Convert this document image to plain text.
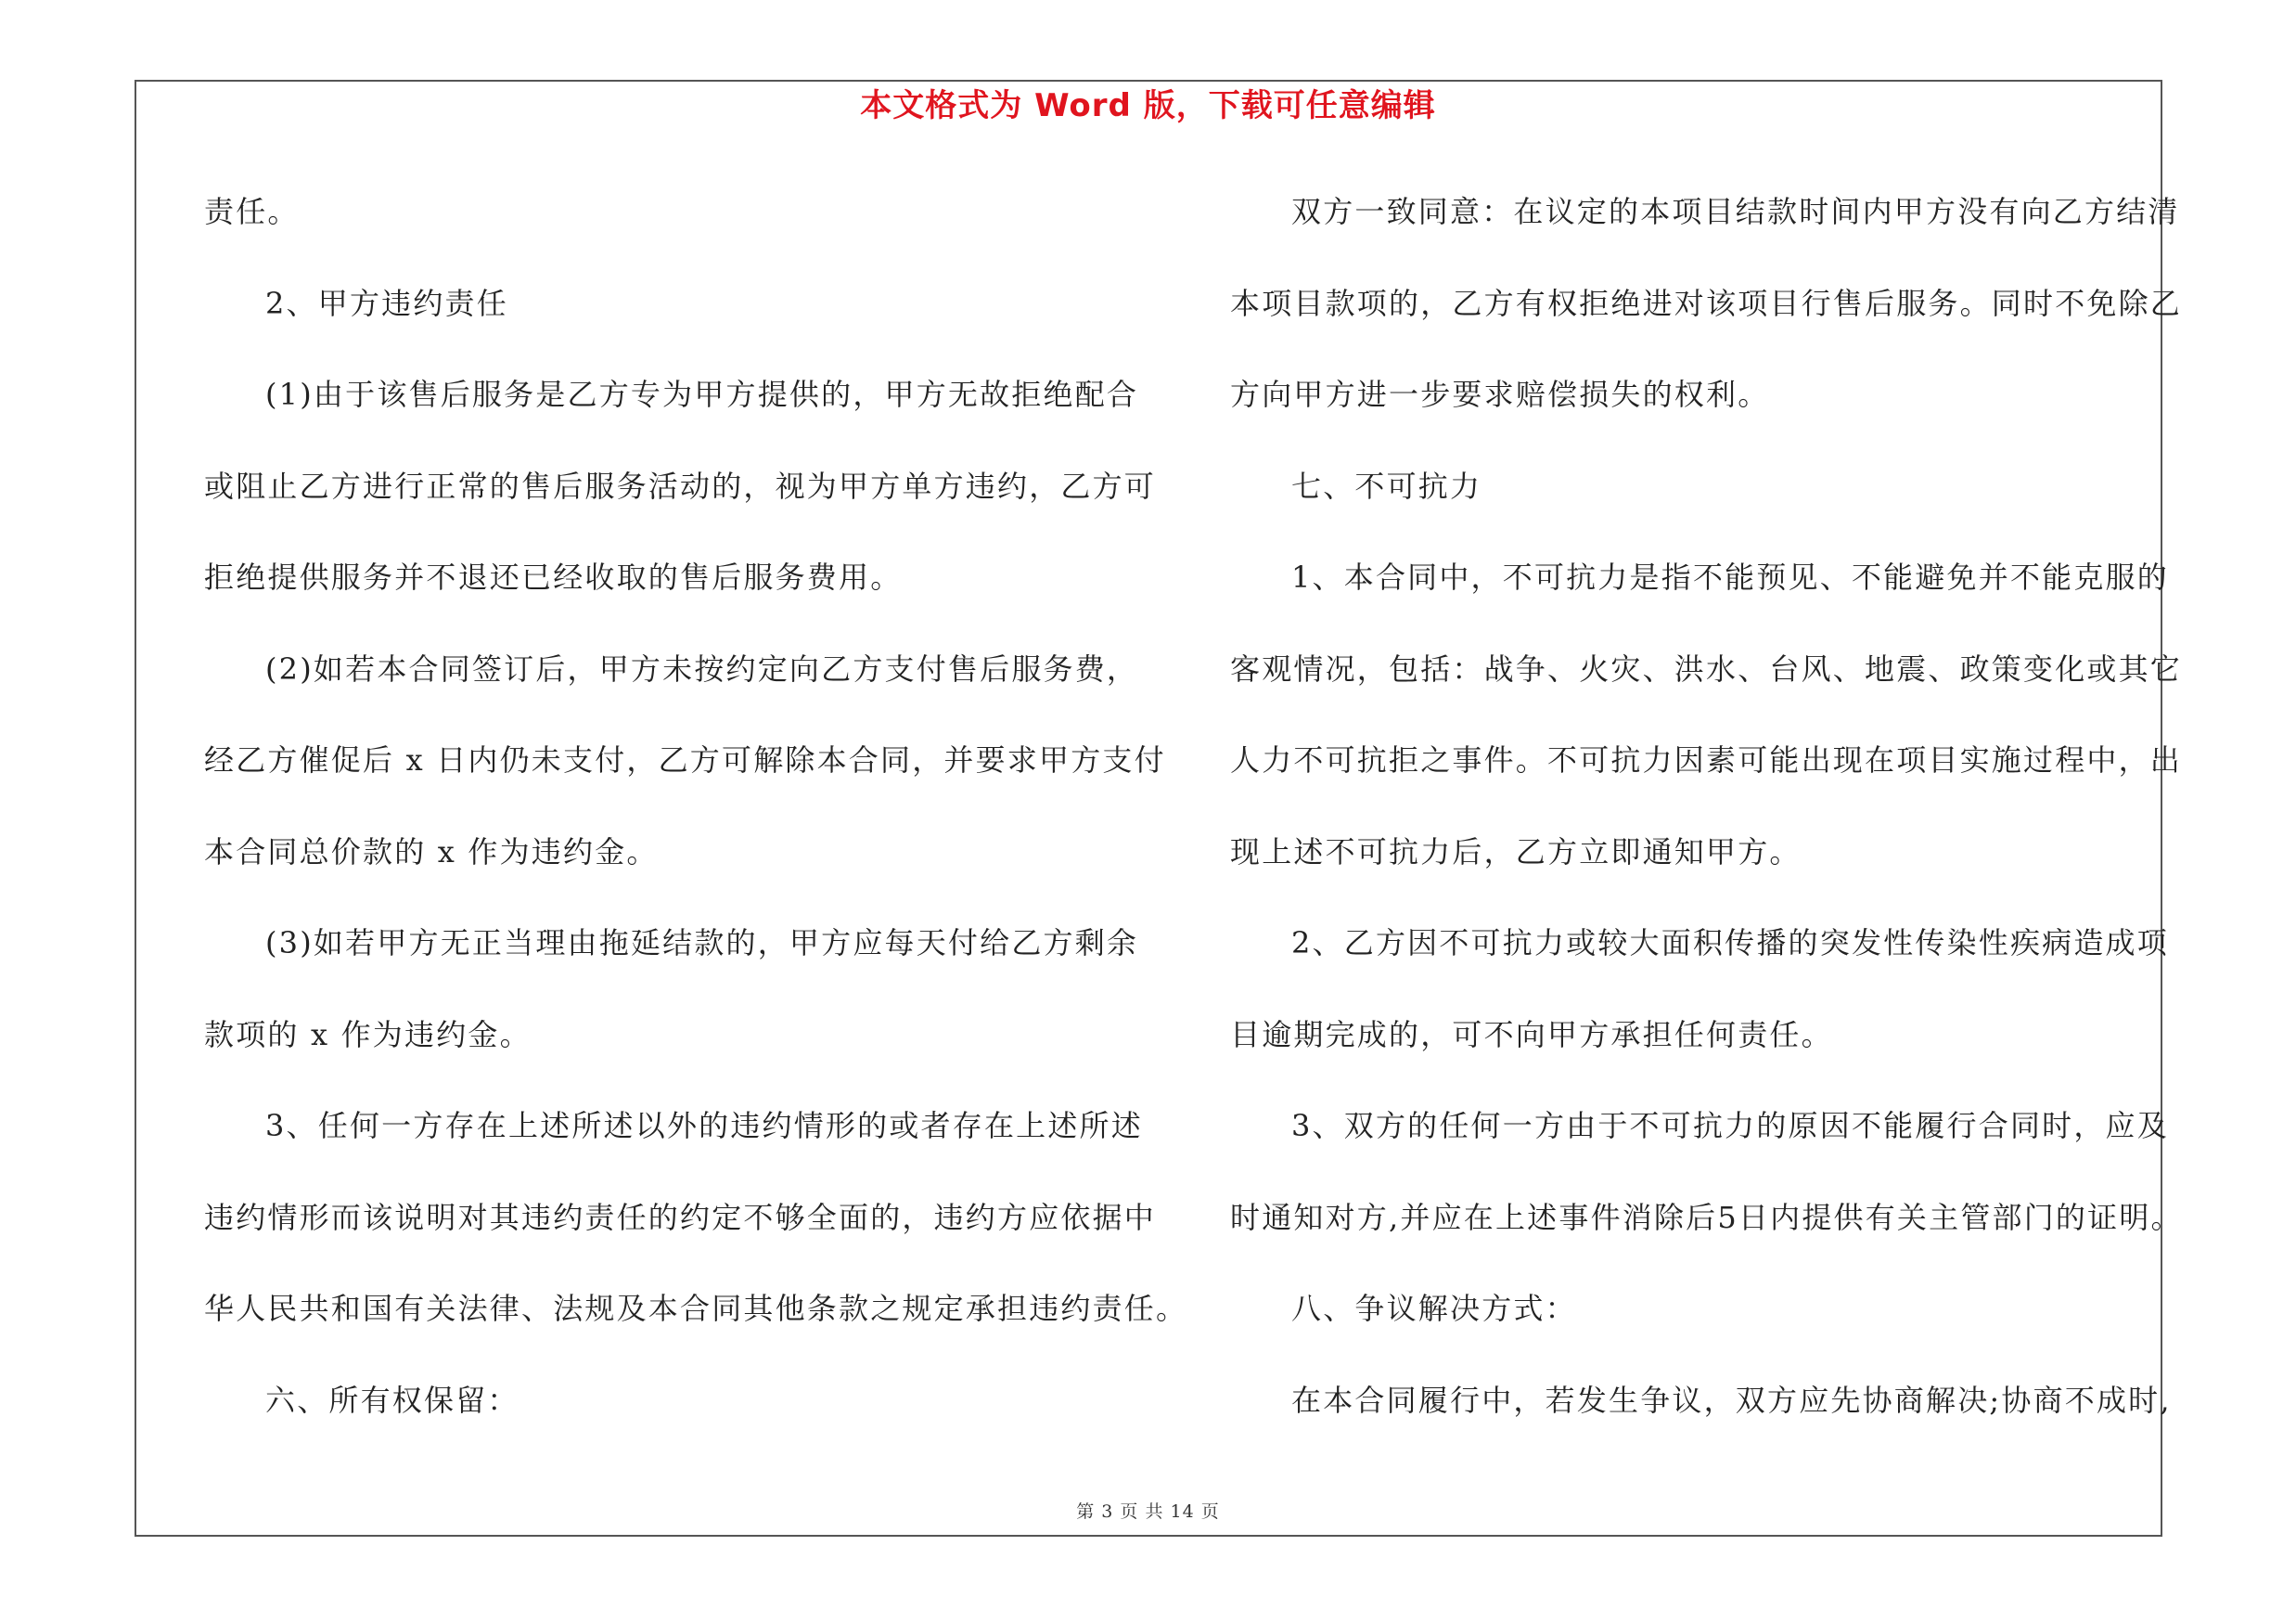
本文格式为 Word 版，下载可任意编辑
责任。
2、甲方违约责任
(1)由于该售后服务是乙方专为甲方提供的，甲方无故拒绝配合
或阻止乙方进行正常的售后服务活动的，视为甲方单方违约，乙方可
拒绝提供服务并不退还已经收取的售后服务费用。
(2)如若本合同签订后，甲方未按约定向乙方支付售后服务费，
经乙方催促后 x 日内仍未支付，乙方可解除本合同，并要求甲方支付
本合同总价款的 x 作为违约金。
(3)如若甲方无正当理由拖延结款的，甲方应每天付给乙方剩余
款项的 x 作为违约金。
3、任何一方存在上述所述以外的违约情形的或者存在上述所述
违约情形而该说明对其违约责任的约定不够全面的，违约方应依据中
华人民共和国有关法律、法规及本合同其他条款之规定承担违约责任。
六、所有权保留：
双方一致同意：在议定的本项目结款时间内甲方没有向乙方结清
本项目款项的，乙方有权拒绝进对该项目行售后服务。同时不免除乙
方向甲方进一步要求赔偿损失的权利。
七、不可抗力
1、本合同中，不可抗力是指不能预见、不能避免并不能克服的
客观情况，包括：战争、火灾、洪水、台风、地震、政策变化或其它
人力不可抗拒之事件。不可抗力因素可能出现在项目实施过程中，出
现上述不可抗力后，乙方立即通知甲方。
2、乙方因不可抗力或较大面积传播的突发性传染性疾病造成项
目逾期完成的，可不向甲方承担任何责任。
3、双方的任何一方由于不可抗力的原因不能履行合同时，应及
时通知对方,并应在上述事件消除后5日内提供有关主管部门的证明。
八、争议解决方式：
在本合同履行中，若发生争议，双方应先协商解决;协商不成时,
第 3 页 共 14 页
